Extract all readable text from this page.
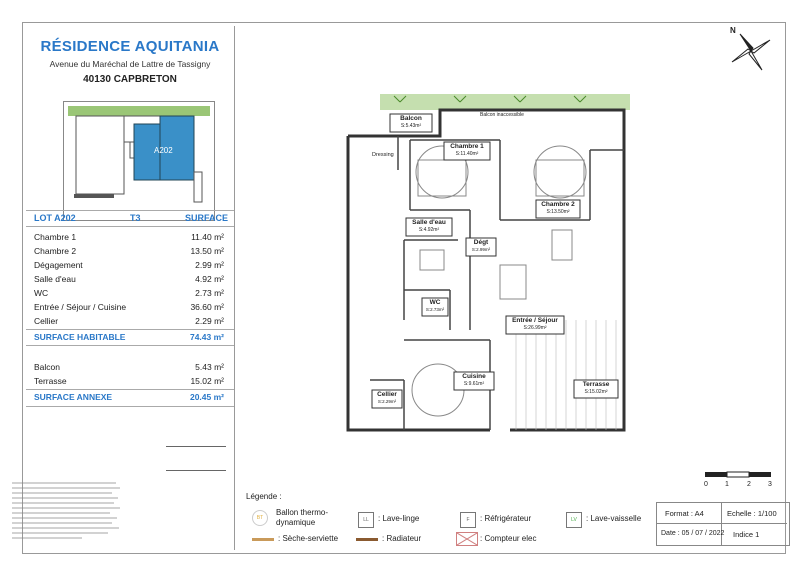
RÉSIDENCE AQUITANIA
Avenue du Maréchal de Lattre de Tassigny
40130 CAPBRETON
A202
LOT A202	T3	SURFACE
Chambre 1	11.40 m²
Chambre 2	13.50 m²
Dégagement	2.99 m²
Salle d'eau	4.92 m²
WC	2.73 m²
Entrée / Séjour / Cuisine	36.60 m²
Cellier	2.29 m²
SURFACE HABITABLE	74.43 m²
Balcon	5.43 m²
Terrasse	15.02 m²
SURFACE ANNEXE	20.45 m²
Balcon
S:5.43m²
Balcon inaccessible
Dressing
Chambre 1
S:11.40m²
Chambre 2
S:13.50m²
Salle d'eau
S:4.92m²
Dégt
S:2.99m²
WC
S:2.73m²
Entrée / Séjour
S:26.99m²
Cuisine
S:9.61m²
Cellier
S:2.29m²
Terrasse
S:15.02m²
N
0 1	2 3
Légende :
BT
Ballon thermo-dynamique	LL	: Lave-linge	F	: Réfrigérateur	LV	: Lave-vaisselle
: Sèche-serviette	: Radiateur	: Compteur elec
Format : A4	Echelle : 1/100
Date : 05 / 07 / 2022 Indice 1
